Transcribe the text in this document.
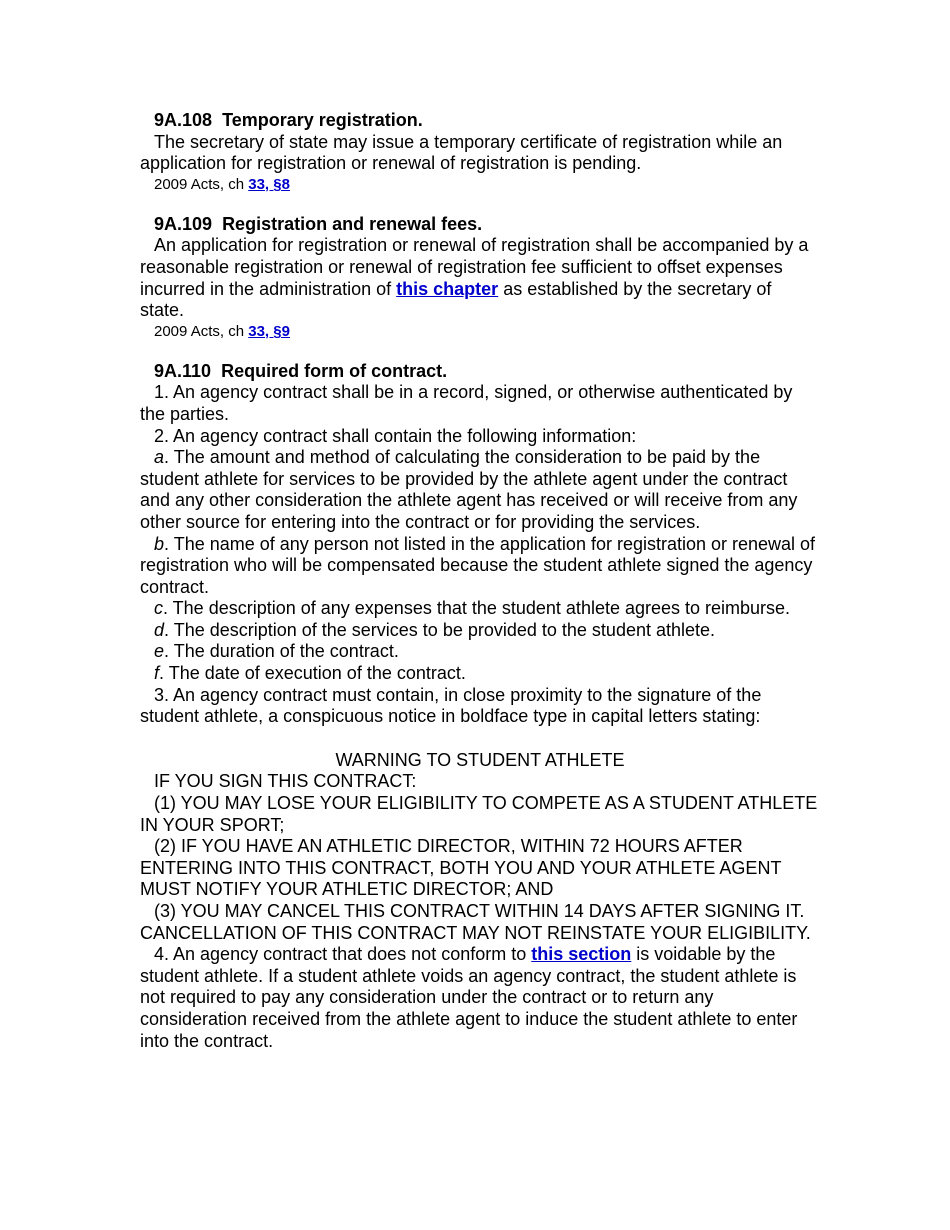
9A.108 Temporary registration.

The secretary of state may issue a temporary certificate of registration while an application for registration or renewal of registration is pending.

2009 Acts, ch 33, §8

9A.109 Registration and renewal fees.

An application for registration or renewal of registration shall be accompanied by a reasonable registration or renewal of registration fee sufficient to offset expenses incurred in the administration of this chapter as established by the secretary of state.

2009 Acts, ch 33, §9

9A.110 Required form of contract.

1. An agency contract shall be in a record, signed, or otherwise authenticated by the parties.

2. An agency contract shall contain the following information:

a. The amount and method of calculating the consideration to be paid by the student athlete for services to be provided by the athlete agent under the contract and any other consideration the athlete agent has received or will receive from any other source for entering into the contract or for providing the services.

b. The name of any person not listed in the application for registration or renewal of registration who will be compensated because the student athlete signed the agency contract.

c. The description of any expenses that the student athlete agrees to reimburse.

d. The description of the services to be provided to the student athlete.

e. The duration of the contract.

f. The date of execution of the contract.

3. An agency contract must contain, in close proximity to the signature of the student athlete, a conspicuous notice in boldface type in capital letters stating:

WARNING TO STUDENT ATHLETE

IF YOU SIGN THIS CONTRACT:

(1) YOU MAY LOSE YOUR ELIGIBILITY TO COMPETE AS A STUDENT ATHLETE IN YOUR SPORT;

(2) IF YOU HAVE AN ATHLETIC DIRECTOR, WITHIN 72 HOURS AFTER ENTERING INTO THIS CONTRACT, BOTH YOU AND YOUR ATHLETE AGENT MUST NOTIFY YOUR ATHLETIC DIRECTOR; AND

(3) YOU MAY CANCEL THIS CONTRACT WITHIN 14 DAYS AFTER SIGNING IT. CANCELLATION OF THIS CONTRACT MAY NOT REINSTATE YOUR ELIGIBILITY.

4. An agency contract that does not conform to this section is voidable by the student athlete. If a student athlete voids an agency contract, the student athlete is not required to pay any consideration under the contract or to return any consideration received from the athlete agent to induce the student athlete to enter into the contract.
